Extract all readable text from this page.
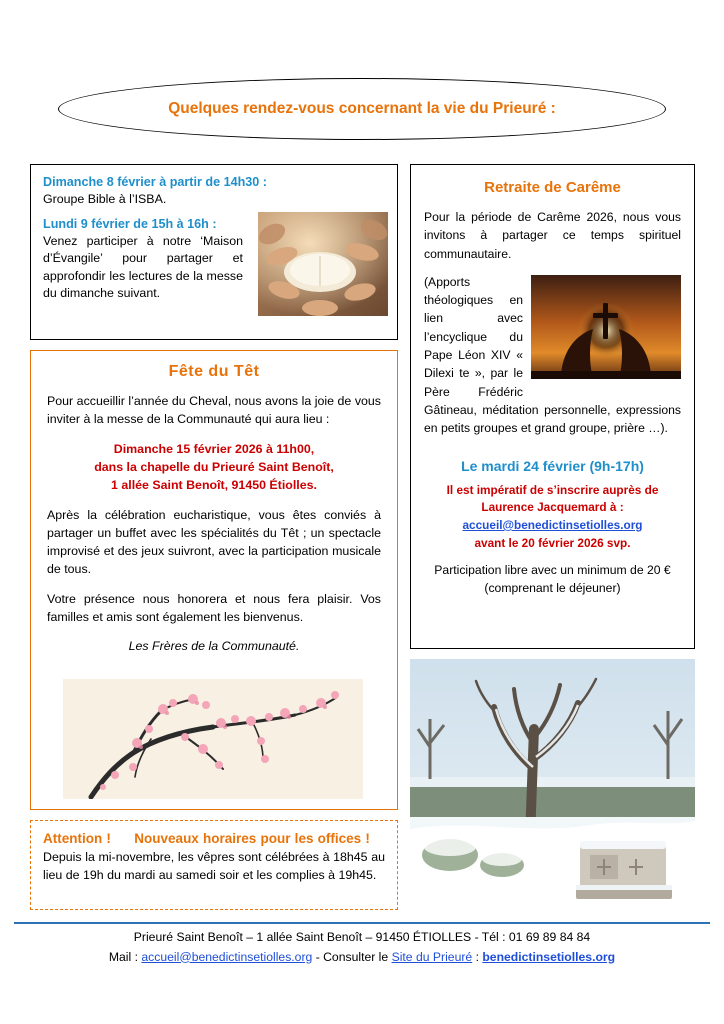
Quelques rendez-vous concernant la vie du Prieuré :
Dimanche 8 février à partir de 14h30 :
Groupe Bible à l’ISBA.
Lundi 9 février de 15h à 16h :
Venez participer à notre ‘Maison d’Évangile’ pour partager et approfondir les lectures de la messe du dimanche suivant.
Fête du Têt

Pour accueillir l’année du Cheval, nous avons la joie de vous inviter à la messe de la Communauté qui aura lieu :

Dimanche 15 février 2026 à 11h00,
dans la chapelle du Prieuré Saint Benoît,
1 allée Saint Benoît, 91450 Étiolles.

Après la célébration eucharistique, vous êtes conviés à partager un buffet avec les spécialités du Têt ; un spectacle improvisé et des jeux suivront, avec la participation musicale de tous.

Votre présence nous honorera et nous fera plaisir. Vos familles et amis sont également les bienvenus.

Les Frères de la Communauté.

Attention ! Nouveaux horaires pour les offices !     Depuis la mi-novembre, les vêpres sont célébrées à 18h45 au lieu de 19h du mardi au samedi soir et les complies à 19h45.

Retraite de Carême

Pour la période de Carême 2026, nous vous invitons à partager ce temps spirituel communautaire.

(Apports théologiques en lien avec l’encyclique du Pape Léon XIV « Dilexi te », par le Père Frédéric Gâtineau, méditation personnelle, expressions en petits groupes et grand groupe, prière …).

Le mardi 24 février (9h-17h)
Il est impératif de s’inscrire auprès de
Laurence Jacquemard à :
accueil@benedictinsetiolles.org
avant le 20 février 2026 svp.
Participation libre avec un minimum de 20 €
(comprenant le déjeuner)
Prieuré Saint Benoît – 1 allée Saint Benoît – 91450 ÉTIOLLES - Tél : 01 69 89 84 84
Mail : accueil@benedictinsetiolles.org - Consulter le Site du Prieuré : benedictinsetiolles.org
